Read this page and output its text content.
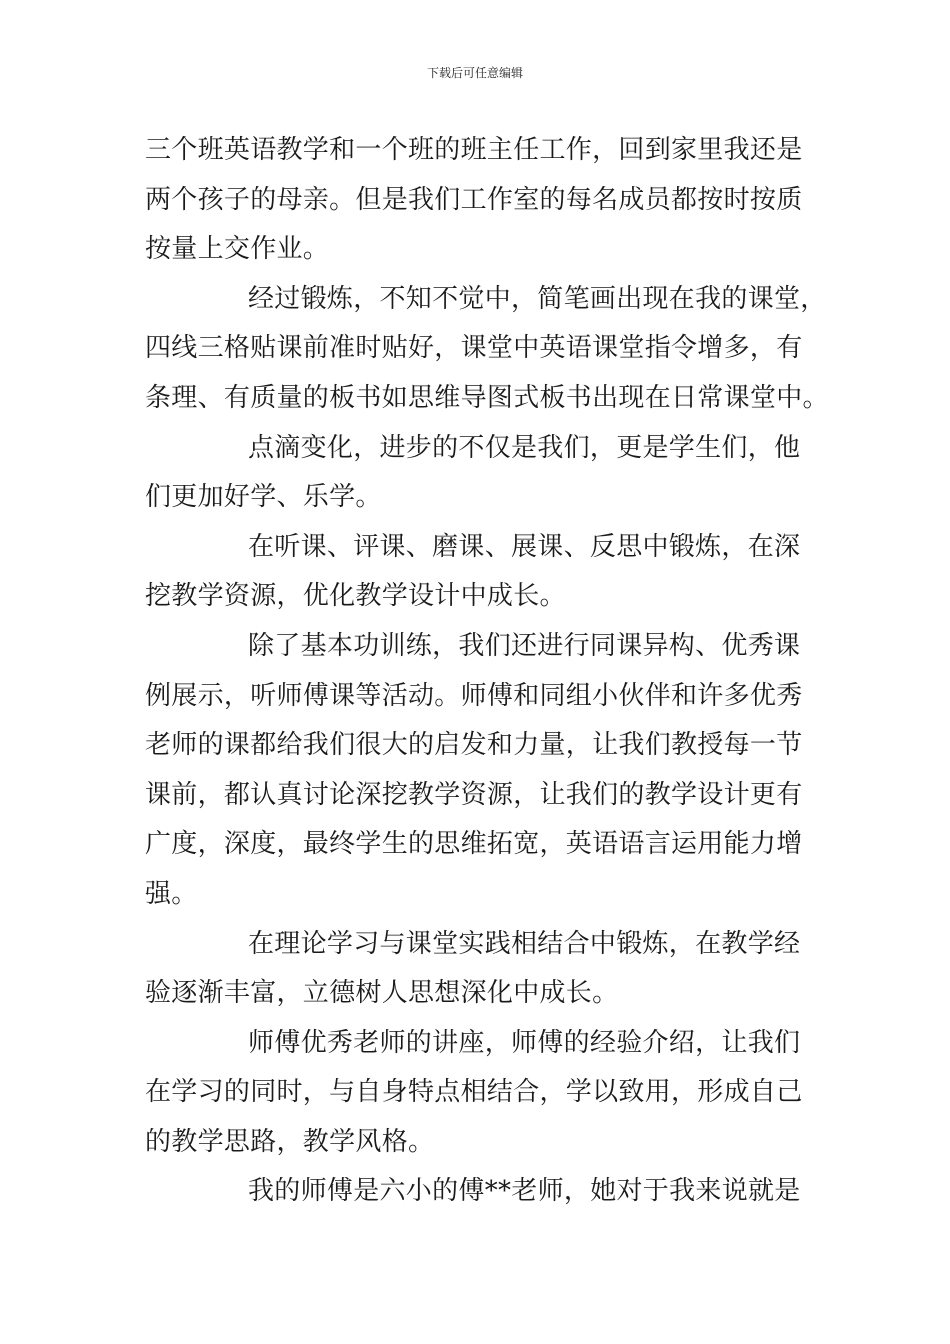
下载后可任意编辑

三个班英语教学和一个班的班主任工作，回到家里我还是
两个孩子的母亲。但是我们工作室的每名成员都按时按质
按量上交作业。

经过锻炼，不知不觉中，简笔画出现在我的课堂，
四线三格贴课前准时贴好，课堂中英语课堂指令增多，有
条理、有质量的板书如思维导图式板书出现在日常课堂中。

点滴变化，进步的不仅是我们，更是学生们，他
们更加好学、乐学。

在听课、评课、磨课、展课、反思中锻炼，在深
挖教学资源，优化教学设计中成长。

除了基本功训练，我们还进行同课异构、优秀课
例展示，听师傅课等活动。师傅和同组小伙伴和许多优秀
老师的课都给我们很大的启发和力量，让我们教授每一节
课前，都认真讨论深挖教学资源，让我们的教学设计更有
广度，深度，最终学生的思维拓宽，英语语言运用能力增
强。

在理论学习与课堂实践相结合中锻炼，在教学经
验逐渐丰富，立德树人思想深化中成长。

师傅优秀老师的讲座，师傅的经验介绍，让我们
在学习的同时，与自身特点相结合，学以致用，形成自己
的教学思路，教学风格。

我的师傅是六小的傅**老师，她对于我来说就是
